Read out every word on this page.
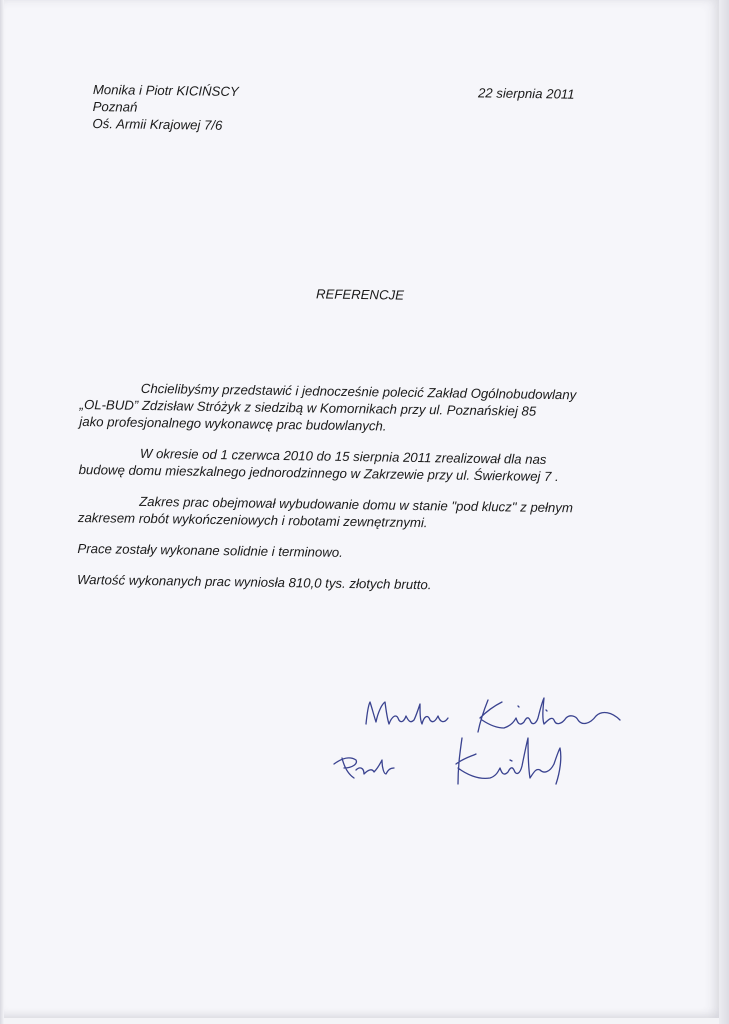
Monika i Piotr KICIŃSCY
Poznań
Oś. Armii Krajowej 7/6
22 sierpnia 2011
REFERENCJE
Chcielibyśmy przedstawić i jednocześnie polecić Zakład Ogólnobudowlany
„OL-BUD” Zdzisław Stróżyk z siedzibą w Komornikach przy ul. Poznańskiej 85
jako profesjonalnego wykonawcę prac budowlanych.
W okresie od 1 czerwca 2010 do 15 sierpnia 2011 zrealizował dla nas
budowę domu mieszkalnego jednorodzinnego w Zakrzewie przy ul. Świerkowej 7 .
Zakres prac obejmował wybudowanie domu w stanie "pod klucz" z pełnym
zakresem robót wykończeniowych i robotami zewnętrznymi.
Prace zostały wykonane solidnie i terminowo.
Wartość wykonanych prac wyniosła 810,0 tys. złotych brutto.
